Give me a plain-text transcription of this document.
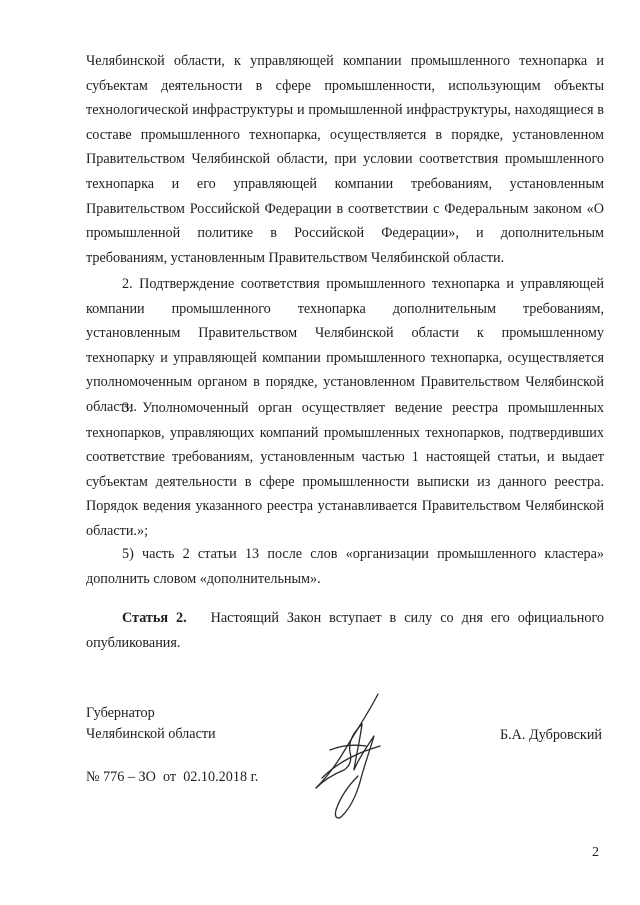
Челябинской области, к управляющей компании промышленного технопарка и субъектам деятельности в сфере промышленности, использующим объекты технологической инфраструктуры и промышленной инфраструктуры, находящиеся в составе промышленного технопарка, осуществляется в порядке, установленном Правительством Челябинской области, при условии соответствия промышленного технопарка и его управляющей компании требованиям, установленным Правительством Российской Федерации в соответствии с Федеральным законом «О промышленной политике в Российской Федерации», и дополнительным требованиям, установленным Правительством Челябинской области.

2. Подтверждение соответствия промышленного технопарка и управляющей компании промышленного технопарка дополнительным требованиям, установленным Правительством Челябинской области к промышленному технопарку и управляющей компании промышленного технопарка, осуществляется уполномоченным органом в порядке, установленном Правительством Челябинской области.

3. Уполномоченный орган осуществляет ведение реестра промышленных технопарков, управляющих компаний промышленных технопарков, подтвердивших соответствие требованиям, установленным частью 1 настоящей статьи, и выдает субъектам деятельности в сфере промышленности выписки из данного реестра. Порядок ведения указанного реестра устанавливается Правительством Челябинской области.»;

5) часть 2 статьи 13 после слов «организации промышленного кластера» дополнить словом «дополнительным».

Статья 2. Настоящий Закон вступает в силу со дня его официального опубликования.

Губернатор
Челябинской области	Б.А. Дубровский
№ 776 – ЗО  от  02.10.2018 г.
2
